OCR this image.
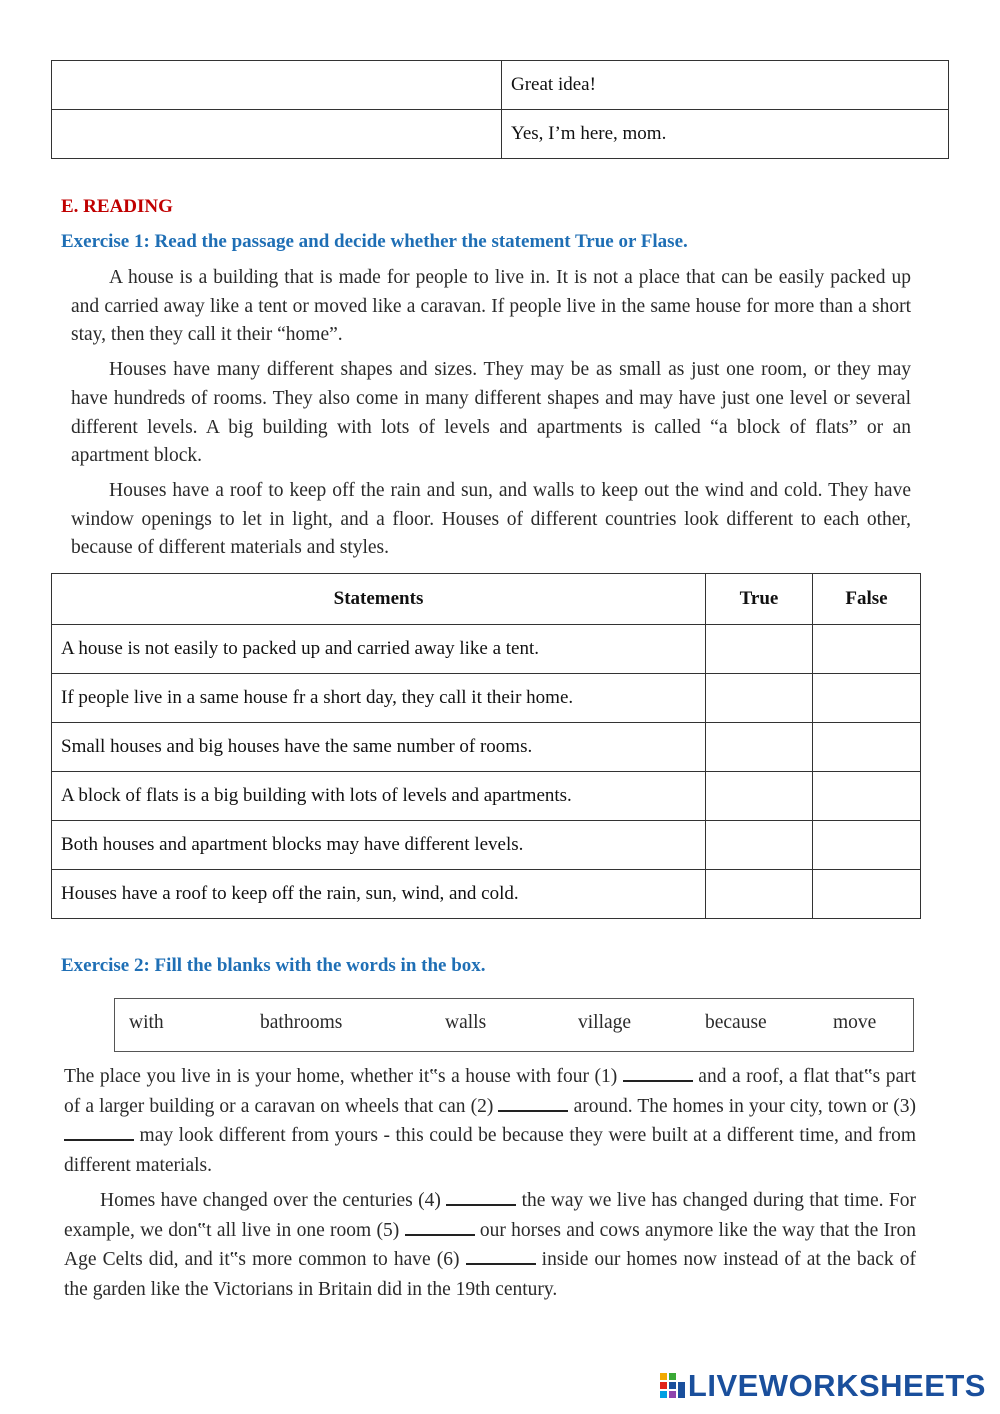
	Great idea!
	Yes, I’m here, mom.
E. READING
Exercise 1: Read the passage and decide whether the statement True or Flase.

A house is a building that is made for people to live in. It is not a place that can be easily packed up and carried away like a tent or moved like a caravan. If people live in the same house for more than a short stay, then they call it their “home”.

Houses have many different shapes and sizes. They may be as small as just one room, or they may have hundreds of rooms. They also come in many different shapes and may have just one level or several different levels. A big building with lots of levels and apartments is called “a block of flats” or an apartment block.

Houses have a roof to keep off the rain and sun, and walls to keep out the wind and cold. They have window openings to let in light, and a floor. Houses of different countries look different to each other, because of different materials and styles.

Statements	True	False
A house is not easily to packed up and carried away like a tent.		
If people live in a same house fr a short day, they call it their home.		
Small houses and big houses have the same number of rooms.		
A block of flats is a big building with lots of levels and apartments.		
Both houses and apartment blocks may have different levels.		
Houses have a roof to keep off the rain, sun, wind, and cold.		
Exercise 2: Fill the blanks with the words in the box.
with	bathrooms	walls	village	because	move

The place you live in is your home, whether it‟s a house with four (1)	and a roof, a flat that‟s part of a larger building or a caravan on wheels that can (2)	around. The homes in your city, town or (3)  may look different from yours - this could be because they were built at a different time, and from different materials.

Homes have changed over the centuries (4)	the way we live has changed during that time. For example, we don‟t all live in one room (5)	our horses and cows anymore like the way that the Iron Age Celts did, and it‟s more common to have (6)	inside our homes now instead of at the back of the garden like the Victorians in Britain did in the 19th century.

LIVEWORKSHEETS
